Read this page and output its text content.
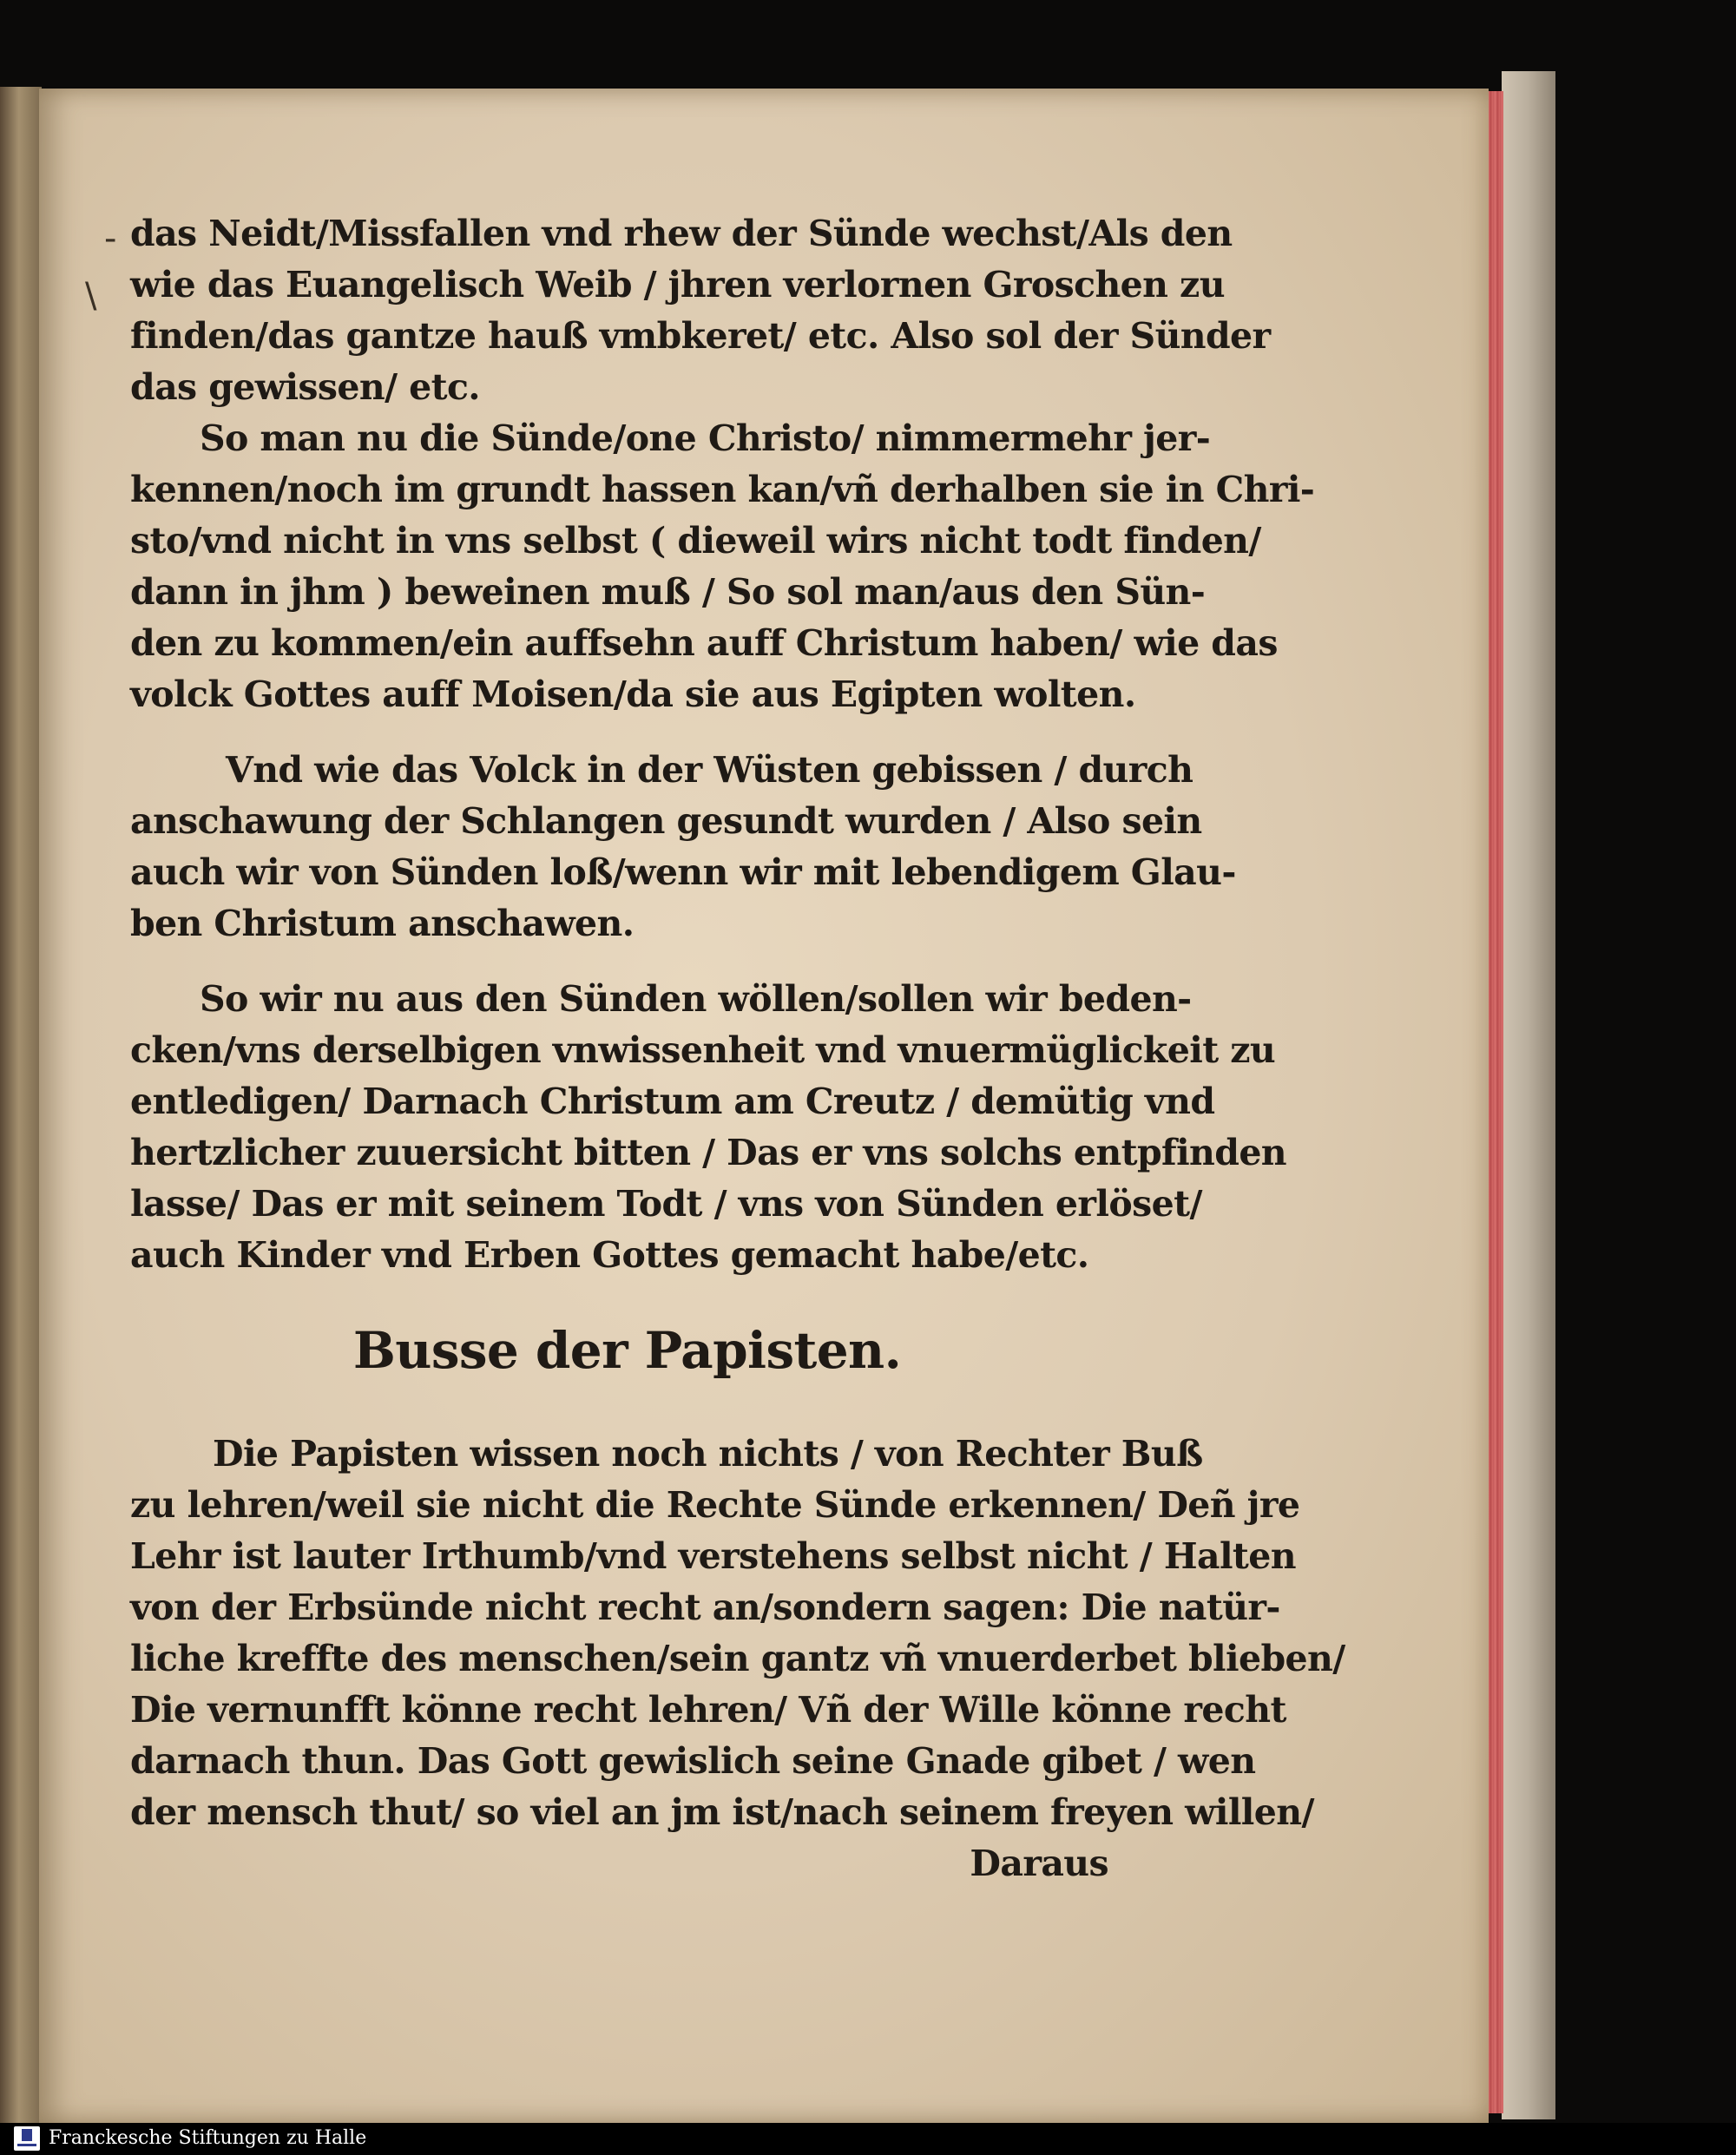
-
\
das Neidt/Missfallen vnd rhew der Sünde wechst/Als den
wie das Euangelisch Weib / jhren verlornen Groschen zu
finden/das gantze hauß vmbkeret/ etc. Also sol der Sünder
das gewissen/ etc.
So man nu die Sünde/one Christo/ nimmermehr jer-
kennen/noch im grundt hassen kan/vñ derhalben sie in Chri-
sto/vnd nicht in vns selbst ( dieweil wirs nicht todt finden/
dann in jhm ) beweinen muß / So sol man/aus den Sün-
den zu kommen/ein auffsehn auff Christum haben/ wie das
volck Gottes auff Moisen/da sie aus Egipten wolten.
Vnd wie das Volck in der Wüsten gebissen / durch
anschawung der Schlangen gesundt wurden / Also sein
auch wir von Sünden loß/wenn wir mit lebendigem Glau-
ben Christum anschawen.
So wir nu aus den Sünden wöllen/sollen wir beden-
cken/vns derselbigen vnwissenheit vnd vnuermüglickeit zu
entledigen/ Darnach Christum am Creutz / demütig vnd
hertzlicher zuuersicht bitten / Das er vns solchs entpfinden
lasse/ Das er mit seinem Todt / vns von Sünden erlöset/
auch Kinder vnd Erben Gottes gemacht habe/etc.
Busse der Papisten.
Die Papisten wissen noch nichts / von Rechter Buß
zu lehren/weil sie nicht die Rechte Sünde erkennen/ Deñ jre
Lehr ist lauter Irthumb/vnd verstehens selbst nicht / Halten
von der Erbsünde nicht recht an/sondern sagen: Die natür-
liche kreffte des menschen/sein gantz vñ vnuerderbet blieben/
Die vernunfft könne recht lehren/ Vñ der Wille könne recht
darnach thun. Das Gott gewislich seine Gnade gibet / wen
der mensch thut/ so viel an jm ist/nach seinem freyen willen/
Daraus
Franckesche Stiftungen zu Halle
